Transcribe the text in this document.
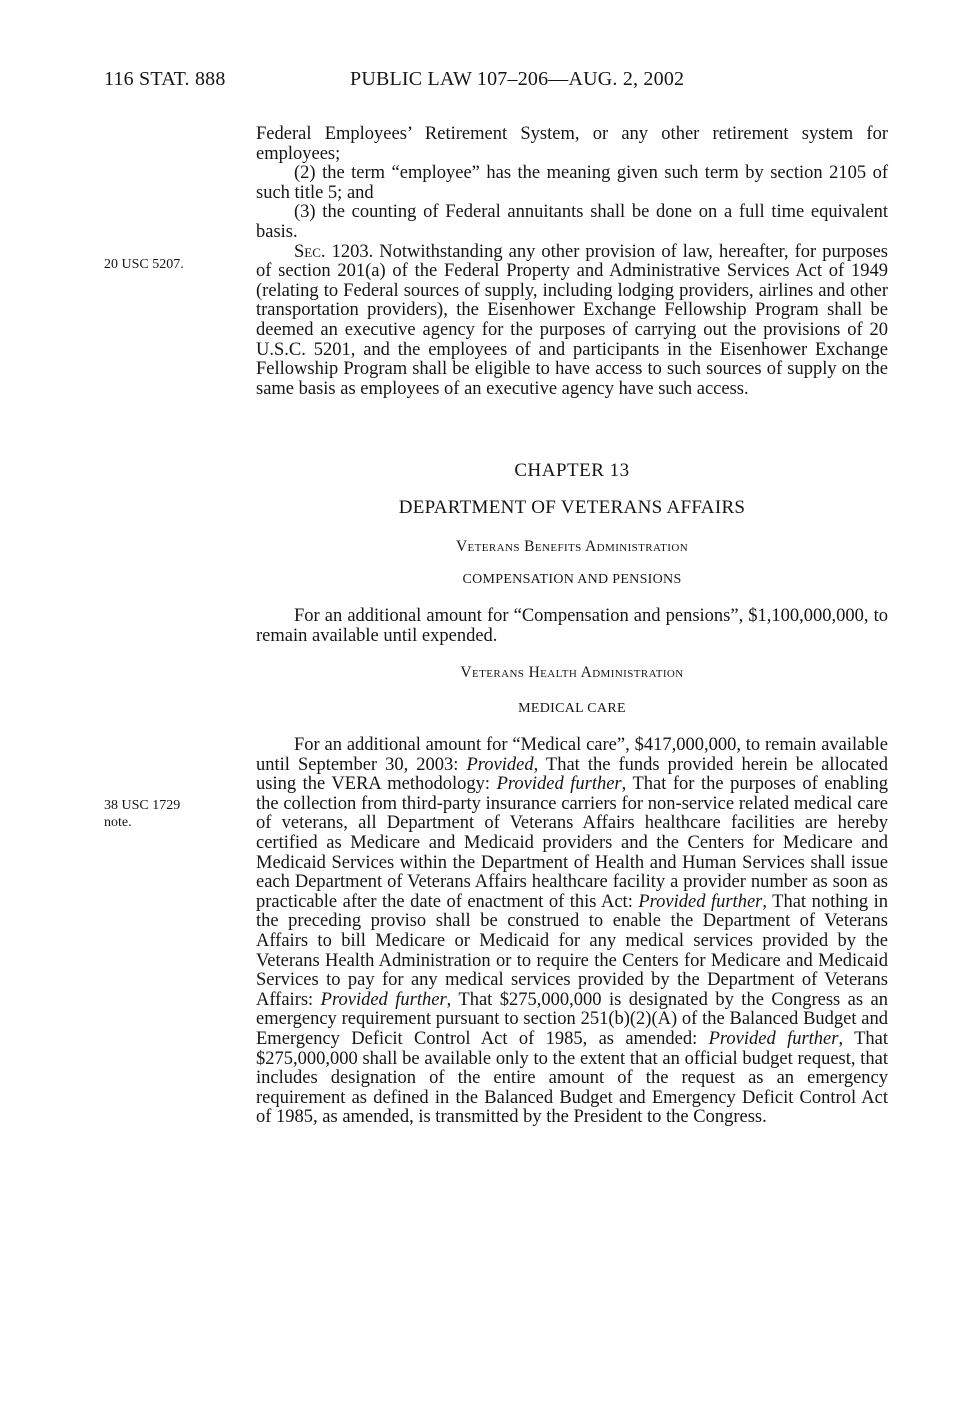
116 STAT. 888	PUBLIC LAW 107–206—AUG. 2, 2002
20 USC 5207.
38 USC 1729
note.

Federal Employees’ Retirement System, or any other retirement system for employees;

(2) the term “employee” has the meaning given such term by section 2105 of such title 5; and

(3) the counting of Federal annuitants shall be done on a full time equivalent basis.

Sec. 1203. Notwithstanding any other provision of law, hereafter, for purposes of section 201(a) of the Federal Property and Administrative Services Act of 1949 (relating to Federal sources of supply, including lodging providers, airlines and other transportation providers), the Eisenhower Exchange Fellowship Program shall be deemed an executive agency for the purposes of carrying out the provisions of 20 U.S.C. 5201, and the employees of and participants in the Eisenhower Exchange Fellowship Program shall be eligible to have access to such sources of supply on the same basis as employees of an executive agency have such access.

CHAPTER 13
DEPARTMENT OF VETERANS AFFAIRS
Veterans Benefits Administration
COMPENSATION AND PENSIONS

For an additional amount for “Compensation and pensions”, $1,100,000,000, to remain available until expended.

Veterans Health Administration
MEDICAL CARE

For an additional amount for “Medical care”, $417,000,000, to remain available until September 30, 2003: Provided, That the funds provided herein be allocated using the VERA methodology: Provided further, That for the purposes of enabling the collection from third-party insurance carriers for non-service related medical care of veterans, all Department of Veterans Affairs healthcare facilities are hereby certified as Medicare and Medicaid providers and the Centers for Medicare and Medicaid Services within the Department of Health and Human Services shall issue each Department of Veterans Affairs healthcare facility a provider number as soon as practicable after the date of enactment of this Act: Provided further, That nothing in the preceding proviso shall be construed to enable the Department of Veterans Affairs to bill Medicare or Medicaid for any medical services provided by the Veterans Health Administration or to require the Centers for Medicare and Medicaid Services to pay for any medical services provided by the Department of Veterans Affairs: Provided further, That $275,000,000 is designated by the Congress as an emergency requirement pursuant to section 251(b)(2)(A) of the Balanced Budget and Emergency Deficit Control Act of 1985, as amended: Provided further, That $275,000,000 shall be available only to the extent that an official budget request, that includes designation of the entire amount of the request as an emergency requirement as defined in the Balanced Budget and Emergency Deficit Control Act of 1985, as amended, is transmitted by the President to the Congress.
